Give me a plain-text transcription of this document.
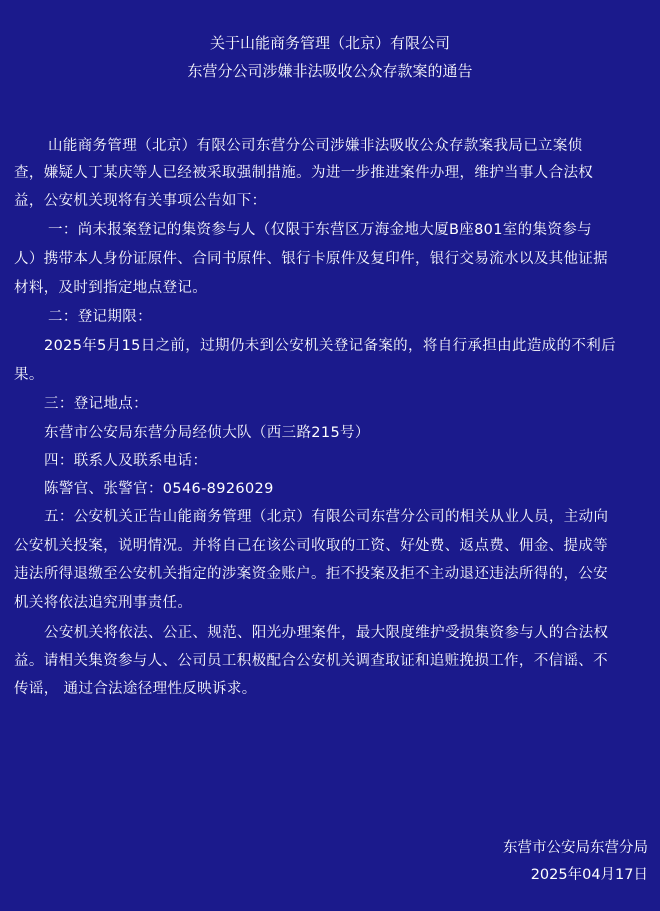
关于山能商务管理（北京）有限公司
东营分公司涉嫌非法吸收公众存款案的通告
山能商务管理（北京）有限公司东营分公司涉嫌非法吸收公众存款案我局已立案侦
查，嫌疑人丁某庆等人已经被采取强制措施。为进一步推进案件办理，维护当事人合法权
益，公安机关现将有关事项公告如下：
一：尚未报案登记的集资参与人（仅限于东营区万海金地大厦B座801室的集资参与
人）携带本人身份证原件、合同书原件、银行卡原件及复印件，银行交易流水以及其他证据
材料，及时到指定地点登记。
二：登记期限：
2025年5月15日之前，过期仍未到公安机关登记备案的，将自行承担由此造成的不利后
果。
三：登记地点：
东营市公安局东营分局经侦大队（西三路215号）
四：联系人及联系电话：
陈警官、张警官：0546-8926029
五：公安机关正告山能商务管理（北京）有限公司东营分公司的相关从业人员，主动向
公安机关投案，说明情况。并将自己在该公司收取的工资、好处费、返点费、佣金、提成等
违法所得退缴至公安机关指定的涉案资金账户。拒不投案及拒不主动退还违法所得的，公安
机关将依法追究刑事责任。
公安机关将依法、公正、规范、阳光办理案件，最大限度维护受损集资参与人的合法权
益。请相关集资参与人、公司员工积极配合公安机关调查取证和追赃挽损工作，不信谣、不
传谣， 通过合法途径理性反映诉求。
东营市公安局东营分局
2025年04月17日
